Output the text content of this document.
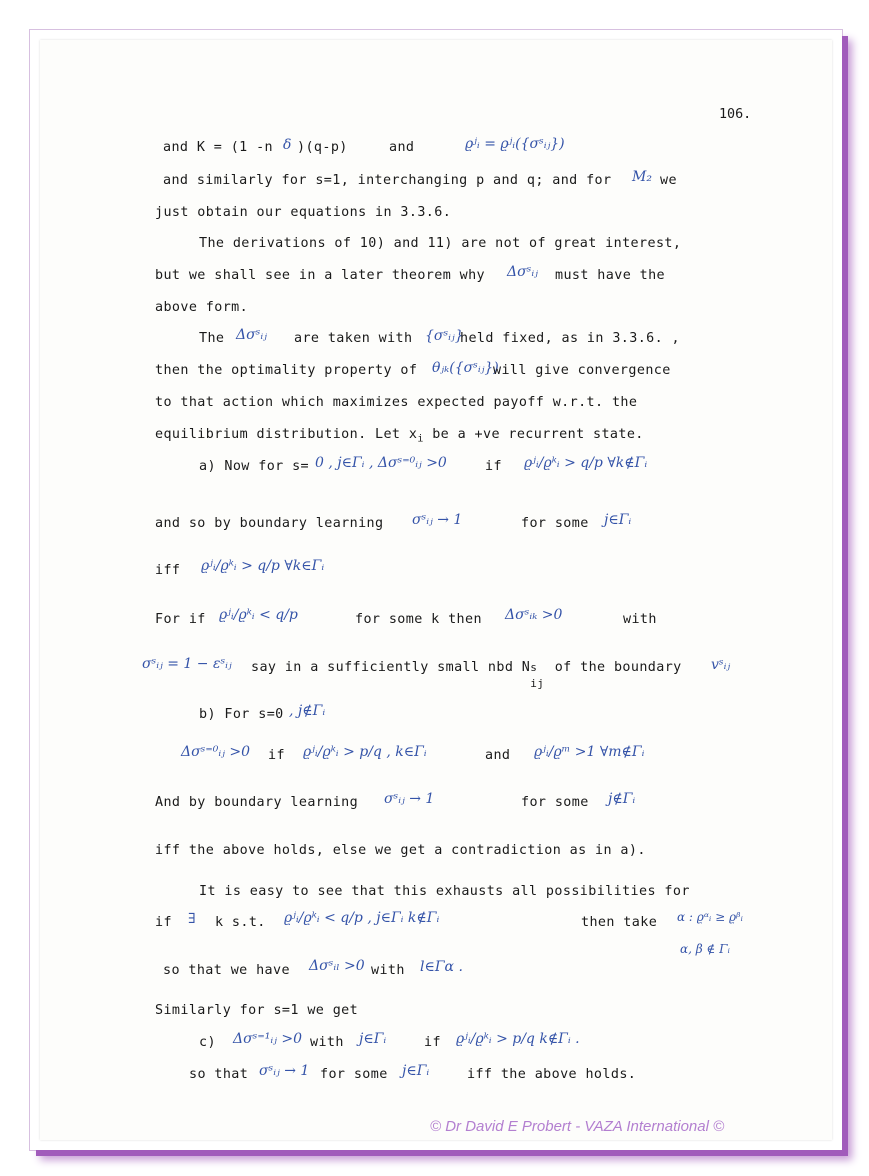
106.
and K = (1 -n δ )(q-p)	and	ϱʲᵢ = ϱʲᵢ({σˢᵢⱼ})
and similarly for s=1, interchanging p and q; and for M₂ we
just obtain our equations in 3.3.6.
The derivations of 10) and 11) are not of great interest,
but we shall see in a later theorem why Δσˢᵢⱼ must have the
above form.
The Δσˢᵢⱼ are taken with {σˢᵢⱼ}
held fixed, as in 3.3.6. ,
then the optimality property of θⱼₖ({σˢᵢⱼ})
will give convergence
to that action which maximizes expected payoff w.r.t. the
equilibrium distribution. Let $x_i$ be a +ve recurrent state.
a) Now for s= 0 , j∈Γᵢ , Δσˢ⁼⁰ᵢⱼ >0	if ϱʲᵢ/ϱᵏᵢ > q/p ∀k∉Γᵢ
and so by boundary learning σˢᵢⱼ → 1	for some j∈Γᵢ
iff ϱʲᵢ/ϱᵏᵢ > q/p ∀k∈Γᵢ
For if ϱʲᵢ/ϱᵏᵢ < q/p	for some k then Δσˢᵢₖ >0	with
σˢᵢⱼ = 1 − εˢᵢⱼ say in a sufficiently small nbd N s
ij
of the boundary vˢᵢⱼ
b) For s=0 , j∉Γᵢ
Δσˢ⁼⁰ᵢⱼ >0 if ϱʲᵢ/ϱᵏᵢ > p/q , k∈Γᵢ	and ϱʲᵢ/ϱᵐ >1 ∀m∉Γᵢ
And by boundary learning σˢᵢⱼ → 1	for some j∉Γᵢ
iff the above holds, else we get a contradiction as in a).
It is easy to see that this exhausts all possibilities for
if ∃ k s.t. ϱʲᵢ/ϱᵏᵢ < q/p , j∈Γᵢ k∉Γᵢ	then take α : ϱᵅᵢ ≥ ϱᵝᵢ
α, β ∉ Γᵢ
so that we have Δσˢᵢₗ >0 with l∈Γα .
Similarly for s=1 we get
c) Δσˢ⁼¹ᵢⱼ >0 with j∈Γᵢ	if ϱʲᵢ/ϱᵏᵢ > p/q k∉Γᵢ .
so that σˢᵢⱼ → 1 for some j∈Γᵢ	iff the above holds.
© Dr David E Probert - VAZA International ©
